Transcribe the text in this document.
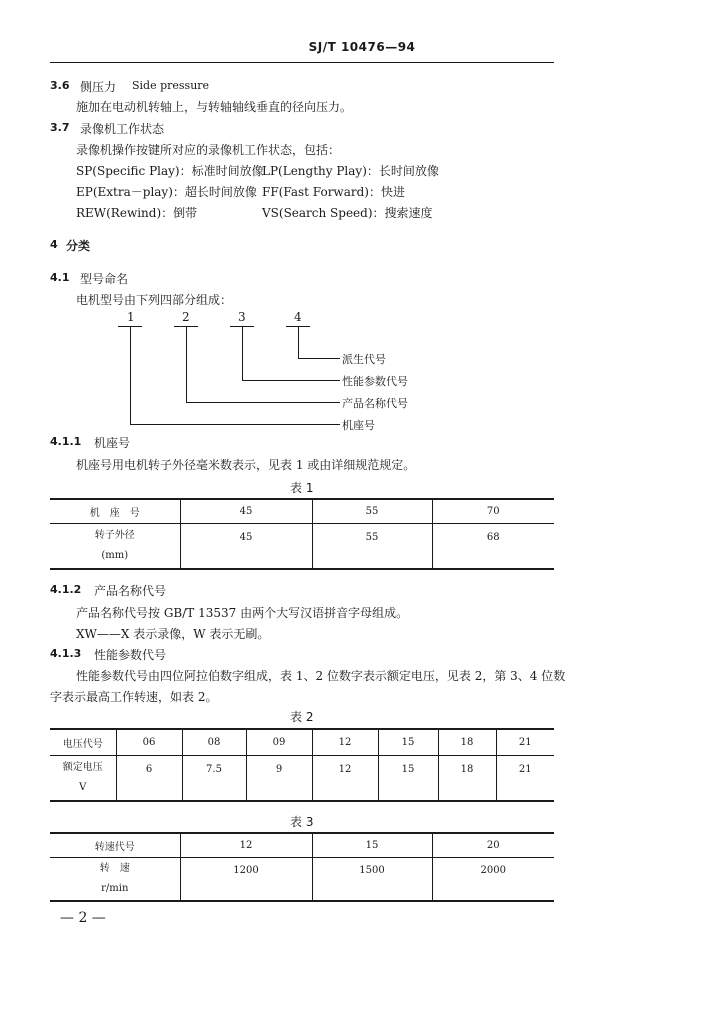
SJ/T 10476—94
3.6 侧压力 Side pressure
施加在电动机转轴上，与转轴轴线垂直的径向压力。
3.7 录像机工作状态
录像机操作按键所对应的录像机工作状态，包括：
SP(Specific Play)：标准时间放像
LP(Lengthy Play)：长时间放像
EP(Extra－play)：超长时间放像 FF(Fast Forward)：快进
REW(Rewind)：倒带	VS(Search Speed)：搜索速度
4 分类
4.1 型号命名
电机型号由下列四部分组成：
1	2	3	4
派生代号
性能参数代号
产品名称代号
机座号
4.1.1 机座号
机座号用电机转子外径毫米数表示，见表 1 或由详细规范规定。
表 1
机　座　号	45	55	70

转子外径
(mm)	45	55	68
4.1.2 产品名称代号
产品名称代号按 GB/T 13537 由两个大写汉语拼音字母组成。
XW——X 表示录像，W 表示无刷。
4.1.3 性能参数代号
性能参数代号由四位阿拉伯数字组成，表 1、2 位数字表示额定电压，见表 2，第 3、4 位数
字表示最高工作转速，如表 2。
表 2
电压代号	06	08	09	12	15	18	21

额定电压
V	6	7.5	9	12	15	18	21
表 3
转速代号	12	15	20

转　速
r/min	1200	1500	2000
— 2 —
